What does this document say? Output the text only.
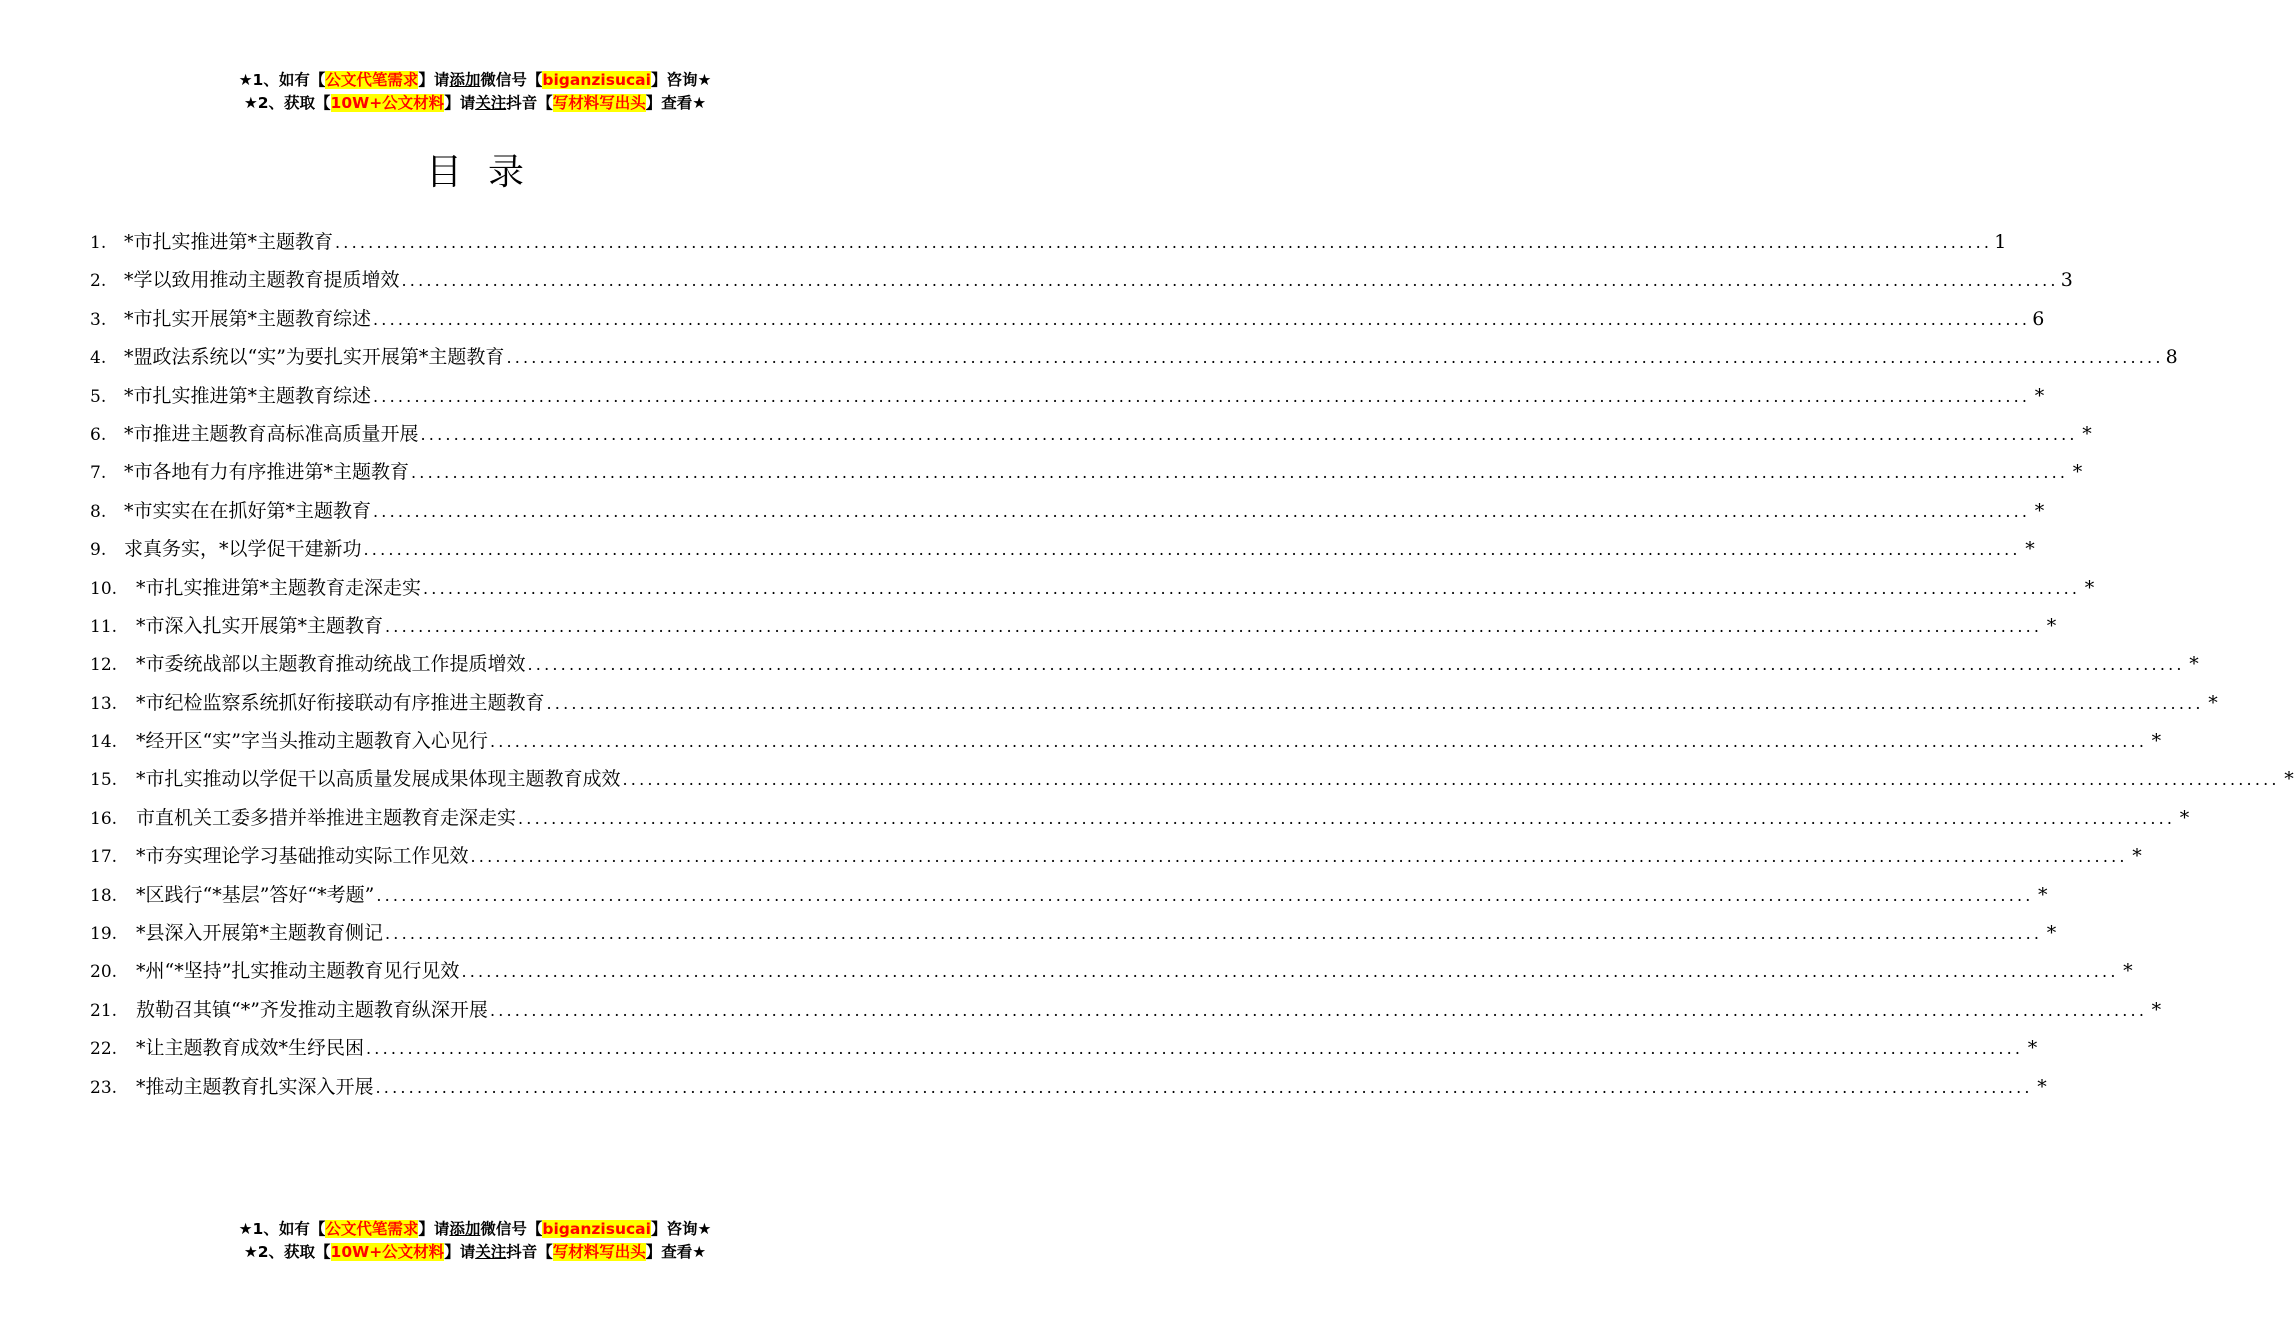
★1、如有【公文代笔需求】请添加微信号【biganzisucai】咨询★
★2、获取【10W+公文材料】请关注抖音【写材料写出头】查看★
目录
1. *市扎实推进第*主题教育 ........................................................................................................................................................................................................ 1
2. *学以致用推动主题教育提质增效 ........................................................................................................................................................................................................ 3
3. *市扎实开展第*主题教育综述 ........................................................................................................................................................................................................ 6
4. *盟政法系统以“实”为要扎实开展第*主题教育 ........................................................................................................................................................................................................ 8
5. *市扎实推进第*主题教育综述 ........................................................................................................................................................................................................ *
6. *市推进主题教育高标准高质量开展 ........................................................................................................................................................................................................ *
7. *市各地有力有序推进第*主题教育 ........................................................................................................................................................................................................ *
8. *市实实在在抓好第*主题教育 ........................................................................................................................................................................................................ *
9. 求真务实，*以学促干建新功 ........................................................................................................................................................................................................ *
10. *市扎实推进第*主题教育走深走实 ........................................................................................................................................................................................................ *
11. *市深入扎实开展第*主题教育 ........................................................................................................................................................................................................ *
12. *市委统战部以主题教育推动统战工作提质增效 ........................................................................................................................................................................................................ *
13. *市纪检监察系统抓好衔接联动有序推进主题教育 ........................................................................................................................................................................................................ *
14. *经开区“实”字当头推动主题教育入心见行 ........................................................................................................................................................................................................ *
15. *市扎实推动以学促干以高质量发展成果体现主题教育成效 ........................................................................................................................................................................................................ *
16. 市直机关工委多措并举推进主题教育走深走实 ........................................................................................................................................................................................................ *
17. *市夯实理论学习基础推动实际工作见效 ........................................................................................................................................................................................................ *
18. *区践行“*基层”答好“*考题” ........................................................................................................................................................................................................ *
19. *县深入开展第*主题教育侧记 ........................................................................................................................................................................................................ *
20. *州“*坚持”扎实推动主题教育见行见效 ........................................................................................................................................................................................................ *
21. 敖勒召其镇“*”齐发推动主题教育纵深开展 ........................................................................................................................................................................................................ *
22. *让主题教育成效*生纾民困 ........................................................................................................................................................................................................ *
23. *推动主题教育扎实深入开展 ........................................................................................................................................................................................................ *
★1、如有【公文代笔需求】请添加微信号【biganzisucai】咨询★
★2、获取【10W+公文材料】请关注抖音【写材料写出头】查看★
